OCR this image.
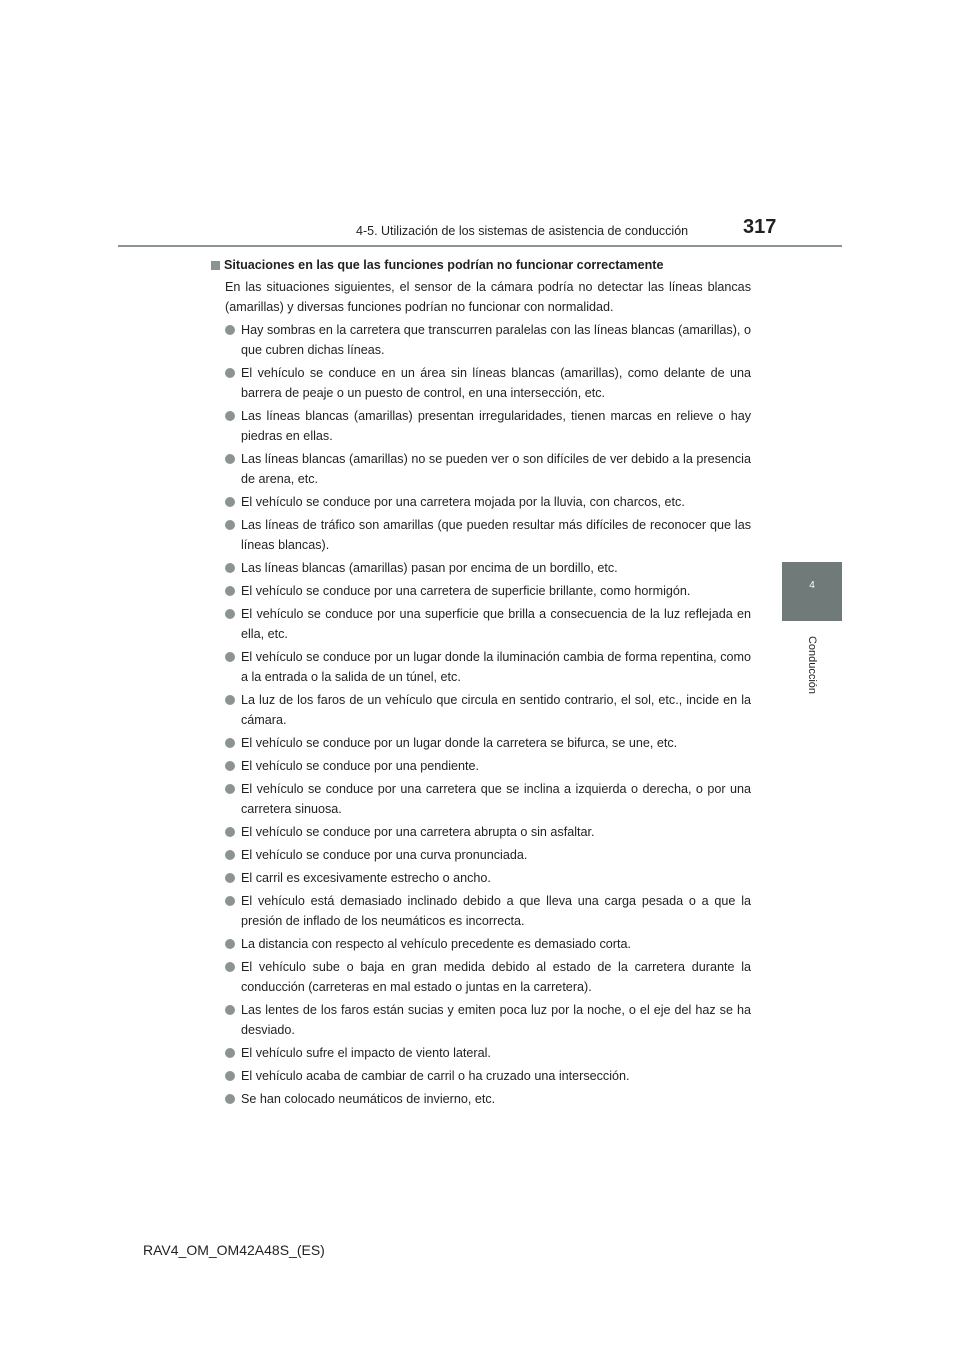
4-5. Utilización de los sistemas de asistencia de conducción	317
4
Conducción
Situaciones en las que las funciones podrían no funcionar correctamente
En las situaciones siguientes, el sensor de la cámara podría no detectar las líneas blancas (amarillas) y diversas funciones podrían no funcionar con normalidad.
Hay sombras en la carretera que transcurren paralelas con las líneas blancas (amarillas), o que cubren dichas líneas.
El vehículo se conduce en un área sin líneas blancas (amarillas), como delante de una barrera de peaje o un puesto de control, en una intersección, etc.
Las líneas blancas (amarillas) presentan irregularidades, tienen marcas en relieve o hay piedras en ellas.
Las líneas blancas (amarillas) no se pueden ver o son difíciles de ver debido a la presencia de arena, etc.
El vehículo se conduce por una carretera mojada por la lluvia, con charcos, etc.
Las líneas de tráfico son amarillas (que pueden resultar más difíciles de reconocer que las líneas blancas).
Las líneas blancas (amarillas) pasan por encima de un bordillo, etc.
El vehículo se conduce por una carretera de superficie brillante, como hormigón.
El vehículo se conduce por una superficie que brilla a consecuencia de la luz reflejada en ella, etc.
El vehículo se conduce por un lugar donde la iluminación cambia de forma repentina, como a la entrada o la salida de un túnel, etc.
La luz de los faros de un vehículo que circula en sentido contrario, el sol, etc., incide en la cámara.
El vehículo se conduce por un lugar donde la carretera se bifurca, se une, etc.
El vehículo se conduce por una pendiente.
El vehículo se conduce por una carretera que se inclina a izquierda o derecha, o por una carretera sinuosa.
El vehículo se conduce por una carretera abrupta o sin asfaltar.
El vehículo se conduce por una curva pronunciada.
El carril es excesivamente estrecho o ancho.
El vehículo está demasiado inclinado debido a que lleva una carga pesada o a que la presión de inflado de los neumáticos es incorrecta.
La distancia con respecto al vehículo precedente es demasiado corta.
El vehículo sube o baja en gran medida debido al estado de la carretera durante la conducción (carreteras en mal estado o juntas en la carretera).
Las lentes de los faros están sucias y emiten poca luz por la noche, o el eje del haz se ha desviado.
El vehículo sufre el impacto de viento lateral.
El vehículo acaba de cambiar de carril o ha cruzado una intersección.
Se han colocado neumáticos de invierno, etc.
RAV4_OM_OM42A48S_(ES)
